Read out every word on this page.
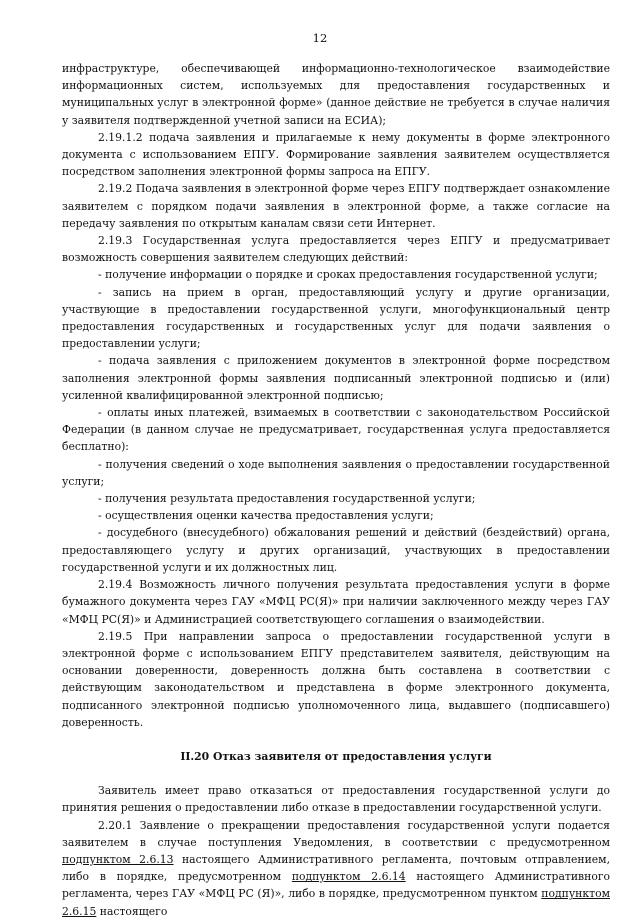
12

инфраструктуре, обеспечивающей информационно-технологическое взаимодействие информационных систем, используемых для предоставления государственных и муниципальных услуг в электронной форме» (данное действие не требуется в случае наличия у заявителя подтвержденной учетной записи на ЕСИА);

2.19.1.2 подача заявления и прилагаемые к нему документы в форме электронного документа с использованием ЕПГУ. Формирование заявления заявителем осуществляется посредством заполнения электронной формы запроса на ЕПГУ.

2.19.2 Подача заявления в электронной форме через ЕПГУ подтверждает ознакомление заявителем с порядком подачи заявления в электронной форме, а также согласие на передачу заявления по открытым каналам связи сети Интернет.

2.19.3 Государственная услуга предоставляется через ЕПГУ и предусматривает возможность совершения заявителем следующих действий:

- получение информации о порядке и сроках предоставления государственной услуги;

- запись на прием в орган, предоставляющий услугу и другие организации, участвующие в предоставлении государственной услуги, многофункциональный центр предоставления государственных и государственных услуг для подачи заявления о предоставлении услуги;

- подача заявления с приложением документов в электронной форме посредством заполнения электронной формы заявления подписанный электронной подписью и (или) усиленной квалифицированной электронной подписью;

- оплаты иных платежей, взимаемых в соответствии с законодательством Российской Федерации (в данном случае не предусматривает, государственная услуга предоставляется бесплатно):

- получения сведений о ходе выполнения заявления о предоставлении государственной услуги;

- получения результата предоставления государственной услуги;

- осуществления оценки качества предоставления услуги;

- досудебного (внесудебного) обжалования решений и действий (бездействий) органа, предоставляющего услугу и других организаций, участвующих в предоставлении государственной услуги и их должностных лиц.

2.19.4 Возможность личного получения результата предоставления услуги в форме бумажного документа через ГАУ «МФЦ РС(Я)» при наличии заключенного между через ГАУ «МФЦ РС(Я)» и Администрацией соответствующего соглашения о взаимодействии.

2.19.5 При направлении запроса о предоставлении государственной услуги в электронной форме с использованием ЕПГУ представителем заявителя, действующим на основании доверенности, доверенность должна быть составлена в соответствии с действующим законодательством и представлена в форме электронного документа, подписанного электронной подписью уполномоченного лица, выдавшего (подписавшего) доверенность.

II.20 Отказ заявителя от предоставления услуги

Заявитель имеет право отказаться от предоставления государственной услуги до принятия решения о предоставлении либо отказе в предоставлении государственной услуги.

2.20.1 Заявление о прекращении предоставления государственной услуги подается заявителем в случае поступления Уведомления, в соответствии с предусмотренном подпунктом 2.6.13 настоящего Административного регламента, почтовым отправлением, либо в порядке, предусмотренном подпунктом 2.6.14 настоящего Административного регламента, через ГАУ «МФЦ РС (Я)», либо в порядке, предусмотренном пунктом подпунктом 2.6.15 настоящего
